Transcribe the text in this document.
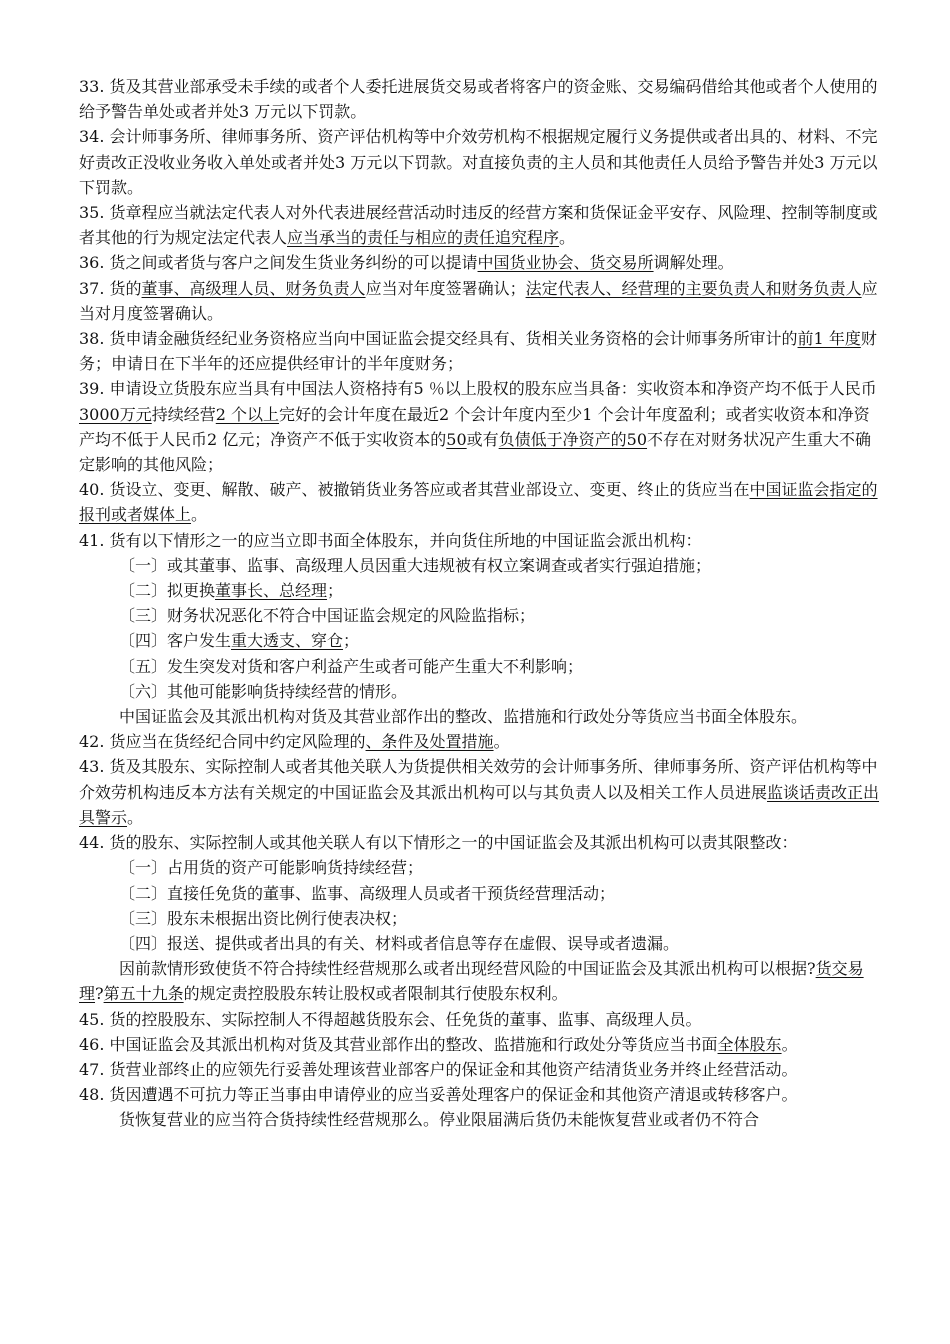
33. 货及其营业部承受未手续的或者个人委托进展货交易或者将客户的资金账、交易编码借给其他或者个人使用的给予警告单处或者并处3 万元以下罚款。

34. 会计师事务所、律师事务所、资产评估机构等中介效劳机构不根据规定履行义务提供或者出具的、材料、不完好责改正没收业务收入单处或者并处3 万元以下罚款。对直接负责的主人员和其他责任人员给予警告并处3 万元以下罚款。

35. 货章程应当就法定代表人对外代表进展经营活动时违反的经营方案和货保证金平安存、风险理、控制等制度或者其他的行为规定法定代表人应当承当的责任与相应的责任追究程序。

36. 货之间或者货与客户之间发生货业务纠纷的可以提请中国货业协会、货交易所调解处理。

37. 货的董事、高级理人员、财务负责人应当对年度签署确认；法定代表人、经营理的主要负责人和财务负责人应当对月度签署确认。

38. 货申请金融货经纪业务资格应当向中国证监会提交经具有、货相关业务资格的会计师事务所审计的前1 年度财务；申请日在下半年的还应提供经审计的半年度财务；

39. 申请设立货股东应当具有中国法人资格持有5 ％以上股权的股东应当具备：实收资本和净资产均不低于人民币3000万元持续经营2 个以上完好的会计年度在最近2 个会计年度内至少1 个会计年度盈利；或者实收资本和净资产均不低于人民币2 亿元；净资产不低于实收资本的50或有负债低于净资产的50不存在对财务状况产生重大不确定影响的其他风险；

40. 货设立、变更、解散、破产、被撤销货业务答应或者其营业部设立、变更、终止的货应当在中国证监会指定的报刊或者媒体上。

41. 货有以下情形之一的应当立即书面全体股东，并向货住所地的中国证监会派出机构：

〔一〕或其董事、监事、高级理人员因重大违规被有权立案调查或者实行强迫措施；

〔二〕拟更换董事长、总经理；

〔三〕财务状况恶化不符合中国证监会规定的风险监指标；

〔四〕客户发生重大透支、穿仓；

〔五〕发生突发对货和客户利益产生或者可能产生重大不利影响；

〔六〕其他可能影响货持续经营的情形。

中国证监会及其派出机构对货及其营业部作出的整改、监措施和行政处分等货应当书面全体股东。

42. 货应当在货经纪合同中约定风险理的、条件及处置措施。

43. 货及其股东、实际控制人或者其他关联人为货提供相关效劳的会计师事务所、律师事务所、资产评估机构等中介效劳机构违反本方法有关规定的中国证监会及其派出机构可以与其负责人以及相关工作人员进展监谈话责改正出具警示。

44. 货的股东、实际控制人或其他关联人有以下情形之一的中国证监会及其派出机构可以责其限整改：

〔一〕占用货的资产可能影响货持续经营；

〔二〕直接任免货的董事、监事、高级理人员或者干预货经营理活动；

〔三〕股东未根据出资比例行使表决权；

〔四〕报送、提供或者出具的有关、材料或者信息等存在虚假、误导或者遗漏。

因前款情形致使货不符合持续性经营规那么或者出现经营风险的中国证监会及其派出机构可以根据?货交易理?第五十九条的规定责控股股东转让股权或者限制其行使股东权利。

45. 货的控股股东、实际控制人不得超越货股东会、任免货的董事、监事、高级理人员。

46. 中国证监会及其派出机构对货及其营业部作出的整改、监措施和行政处分等货应当书面全体股东。

47. 货营业部终止的应领先行妥善处理该营业部客户的保证金和其他资产结清货业务并终止经营活动。

48. 货因遭遇不可抗力等正当事由申请停业的应当妥善处理客户的保证金和其他资产清退或转移客户。

货恢复营业的应当符合货持续性经营规那么。停业限届满后货仍未能恢复营业或者仍不符合
